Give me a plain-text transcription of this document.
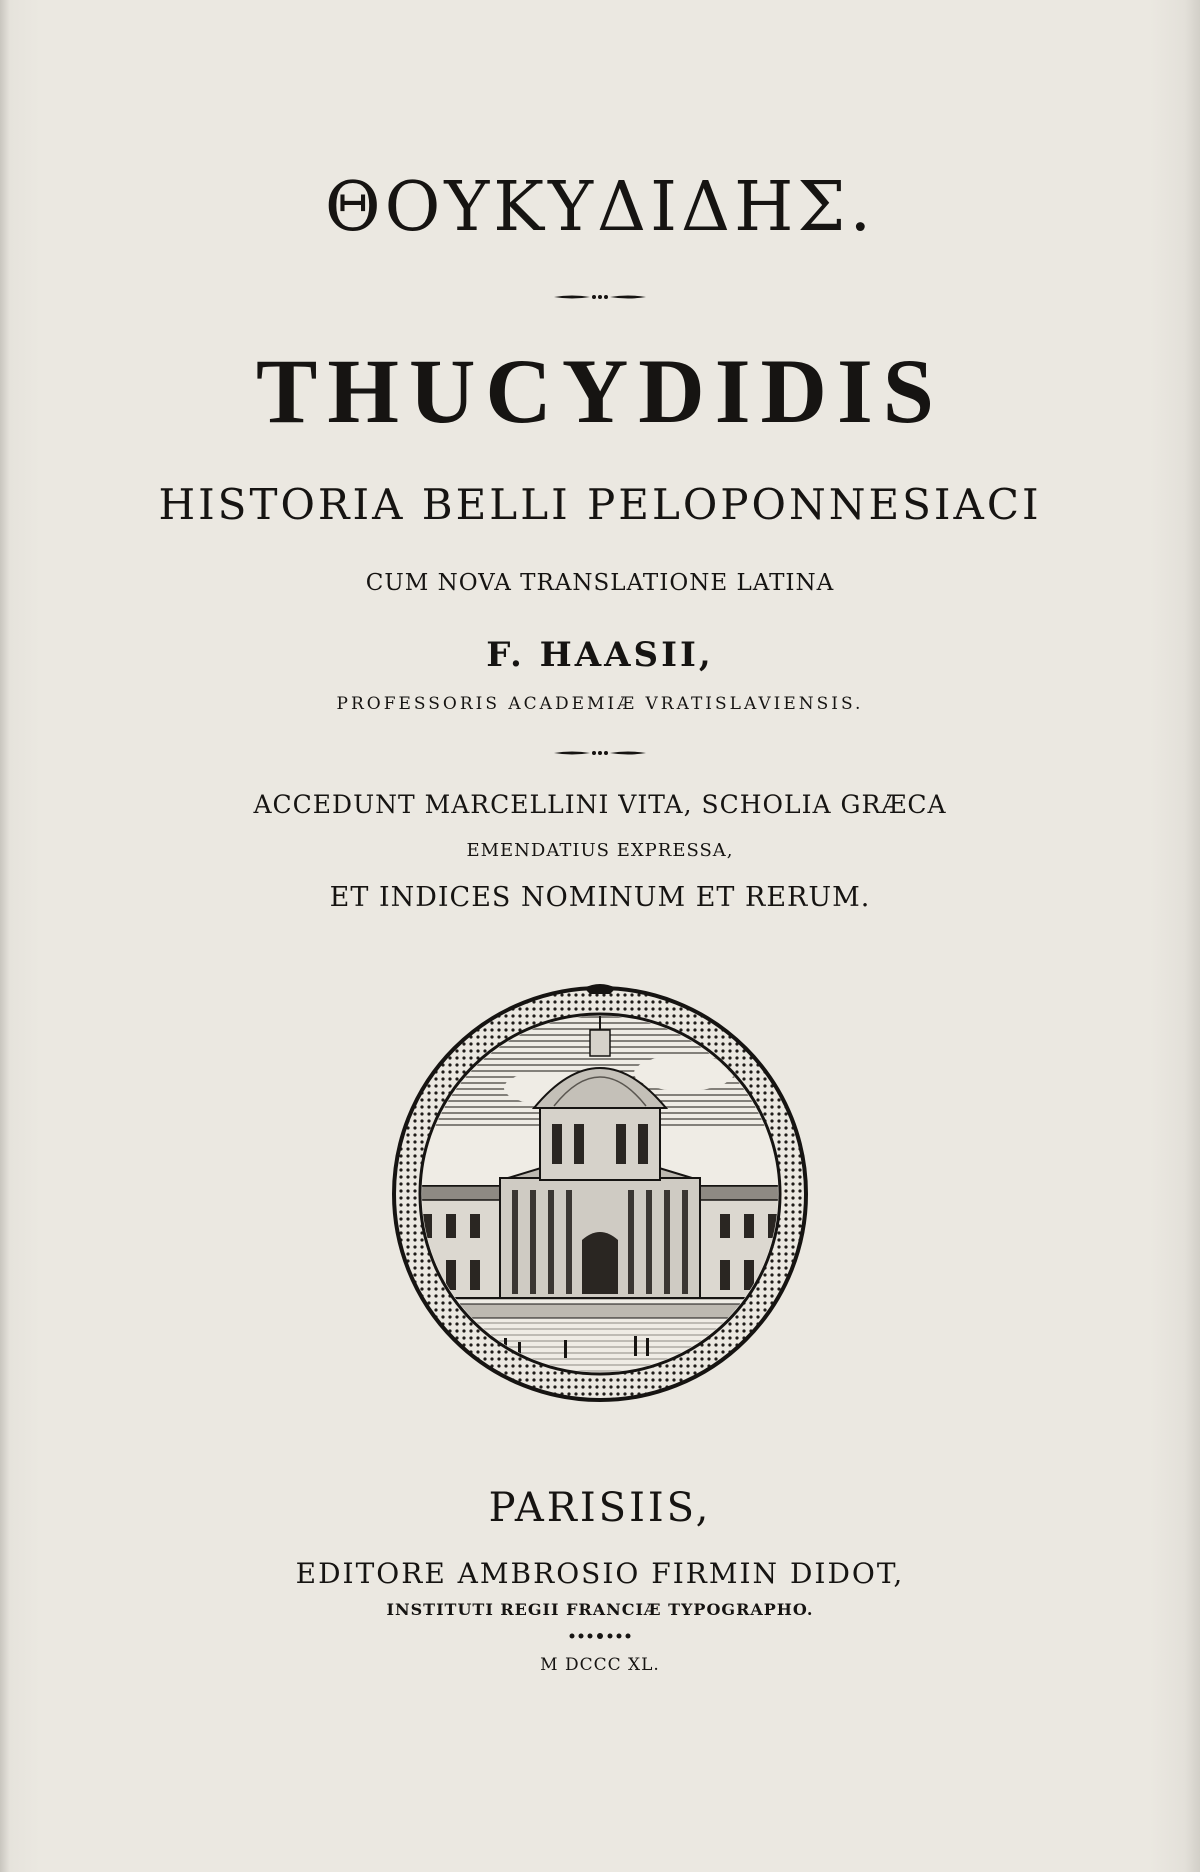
ΘΟΥΚΥΔΙΔΗΣ.
THUCYDIDIS
HISTORIA BELLI PELOPONNESIACI
CUM NOVA TRANSLATIONE LATINA
F. HAASII,
PROFESSORIS ACADEMIÆ VRATISLAVIENSIS.
ACCEDUNT MARCELLINI VITA, SCHOLIA GRÆCA
EMENDATIUS EXPRESSA,
ET INDICES NOMINUM ET RERUM.
PARISIIS,
EDITORE AMBROSIO FIRMIN DIDOT,
INSTITUTI REGII FRANCIÆ TYPOGRAPHO.
M DCCC XL.
